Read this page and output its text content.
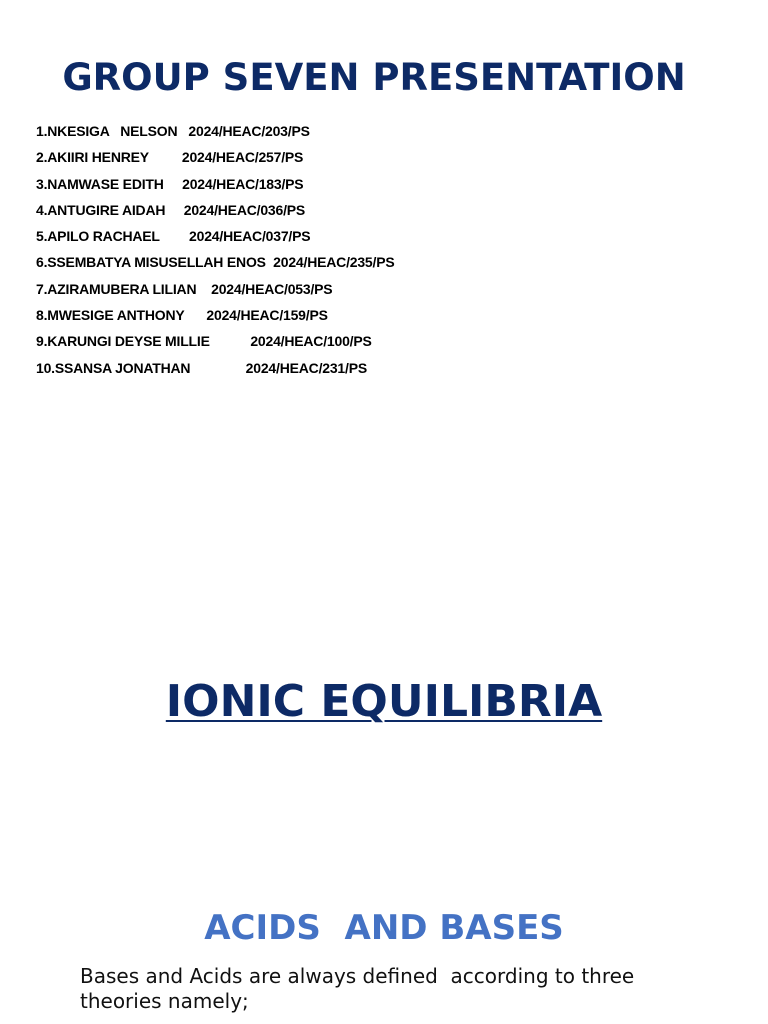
GROUP SEVEN PRESENTATION
1.NKESIGA   NELSON   2024/HEAC/203/PS
2.AKIIRI HENREY         2024/HEAC/257/PS
3.NAMWASE EDITH     2024/HEAC/183/PS
4.ANTUGIRE AIDAH     2024/HEAC/036/PS
5.APILO RACHAEL        2024/HEAC/037/PS
6.SSEMBATYA MISUSELLAH ENOS  2024/HEAC/235/PS
7.AZIRAMUBERA LILIAN    2024/HEAC/053/PS
8.MWESIGE ANTHONY      2024/HEAC/159/PS
9.KARUNGI DEYSE MILLIE           2024/HEAC/100/PS
10.SSANSA JONATHAN               2024/HEAC/231/PS
IONIC EQUILIBRIA
ACIDS  AND BASES

Bases and Acids are always defined  according to three theories namely;
